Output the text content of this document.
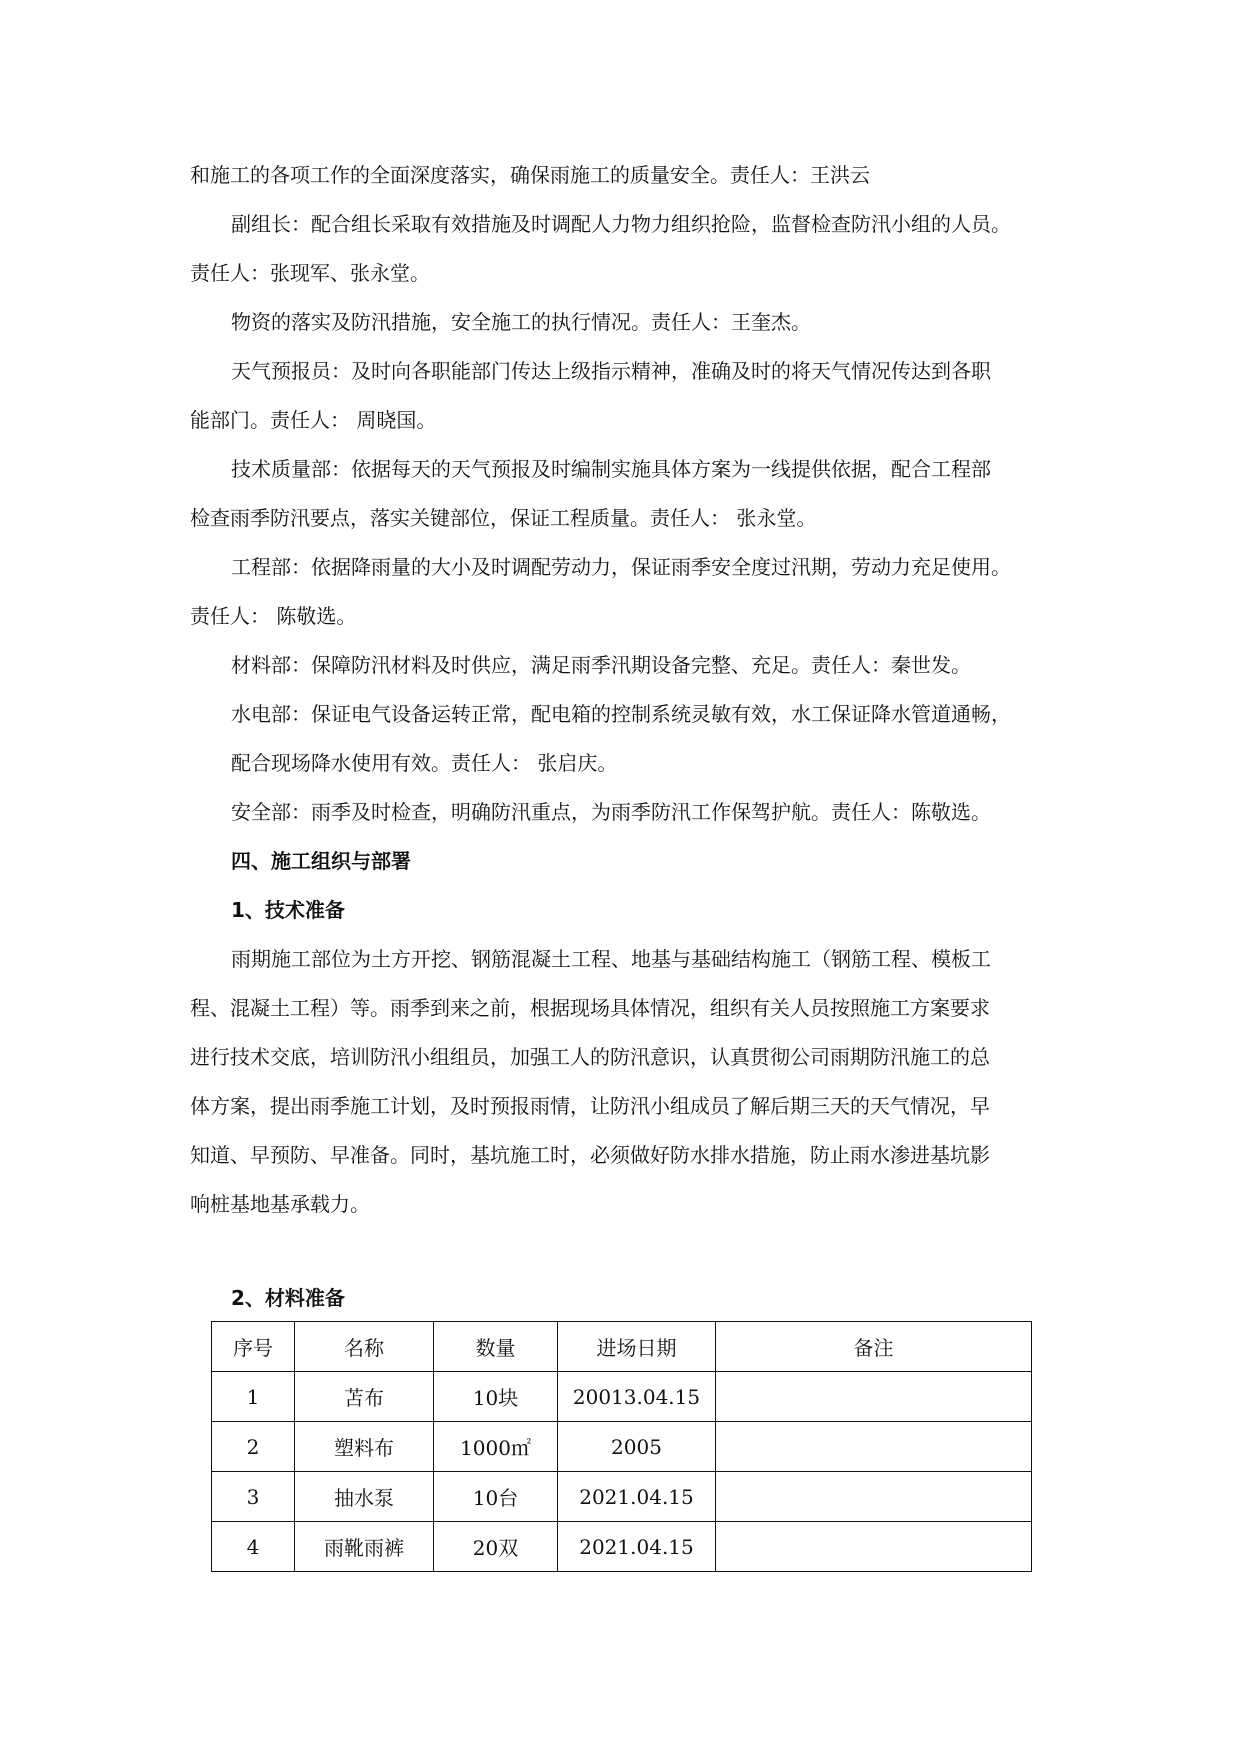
和施工的各项工作的全面深度落实，确保雨施工的质量安全。责任人：王洪云
副组长：配合组长采取有效措施及时调配人力物力组织抢险，监督检查防汛小组的人员。
责任人：张现军、张永堂。
物资的落实及防汛措施，安全施工的执行情况。责任人：王奎杰。
天气预报员：及时向各职能部门传达上级指示精神，准确及时的将天气情况传达到各职
能部门。责任人： 周晓国。
技术质量部：依据每天的天气预报及时编制实施具体方案为一线提供依据，配合工程部
检查雨季防汛要点，落实关键部位，保证工程质量。责任人： 张永堂。
工程部：依据降雨量的大小及时调配劳动力，保证雨季安全度过汛期，劳动力充足使用。
责任人： 陈敬选。
材料部：保障防汛材料及时供应，满足雨季汛期设备完整、充足。责任人：秦世发。
水电部：保证电气设备运转正常，配电箱的控制系统灵敏有效，水工保证降水管道通畅，
配合现场降水使用有效。责任人： 张启庆。
安全部：雨季及时检查，明确防汛重点，为雨季防汛工作保驾护航。责任人：陈敬选。
四、施工组织与部署
1、技术准备
雨期施工部位为土方开挖、钢筋混凝土工程、地基与基础结构施工（钢筋工程、模板工
程、混凝土工程）等。雨季到来之前，根据现场具体情况，组织有关人员按照施工方案要求
进行技术交底，培训防汛小组组员，加强工人的防汛意识，认真贯彻公司雨期防汛施工的总
体方案，提出雨季施工计划，及时预报雨情，让防汛小组成员了解后期三天的天气情况，早
知道、早预防、早准备。同时，基坑施工时，必须做好防水排水措施，防止雨水渗进基坑影
响桩基地基承载力。
2、材料准备
序号	名称	数量	进场日期	备注
1	苫布	10块	20013.04.15	
2	塑料布	1000㎡	2005	
3	抽水泵	10台	2021.04.15	
4	雨靴雨裤	20双	2021.04.15	
